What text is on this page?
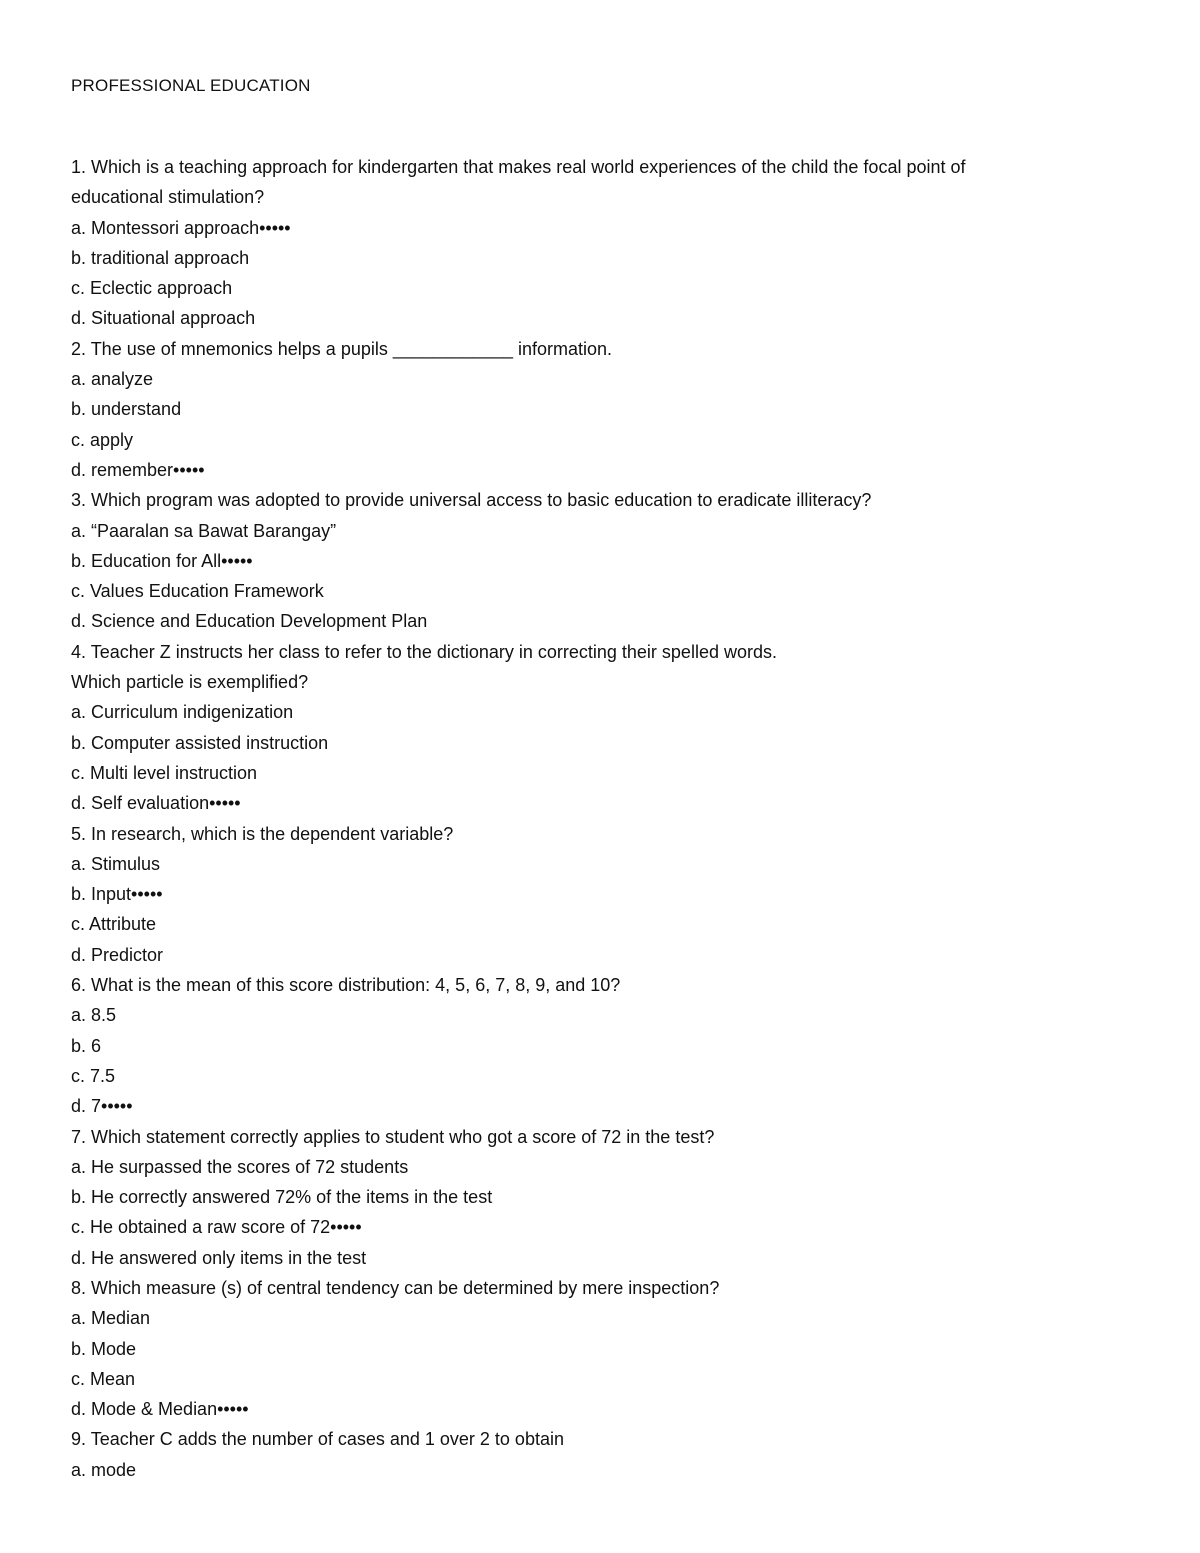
PROFESSIONAL EDUCATION
1. Which is a teaching approach for kindergarten that makes real world experiences of the child the focal point of
educational stimulation?
a. Montessori approach•••••
b. traditional approach
c. Eclectic approach
d. Situational approach
2. The use of mnemonics helps a pupils ____________ information.
a. analyze
b. understand
c. apply
d. remember•••••
3. Which program was adopted to provide universal access to basic education to eradicate illiteracy?
a. “Paaralan sa Bawat Barangay”
b. Education for All•••••
c. Values Education Framework
d. Science and Education Development Plan
4. Teacher Z instructs her class to refer to the dictionary in correcting their spelled words.
Which particle is exemplified?
a. Curriculum indigenization
b. Computer assisted instruction
c. Multi level instruction
d. Self evaluation•••••
5. In research, which is the dependent variable?
a. Stimulus
b. Input•••••
c. Attribute
d. Predictor
6. What is the mean of this score distribution: 4, 5, 6, 7, 8, 9, and 10?
a. 8.5
b. 6
c. 7.5
d. 7•••••
7. Which statement correctly applies to student who got a score of 72 in the test?
a. He surpassed the scores of 72 students
b. He correctly answered 72% of the items in the test
c. He obtained a raw score of 72•••••
d. He answered only items in the test
8. Which measure (s) of central tendency can be determined by mere inspection?
a. Median
b. Mode
c. Mean
d. Mode & Median•••••
9. Teacher C adds the number of cases and 1 over 2 to obtain
a. mode
